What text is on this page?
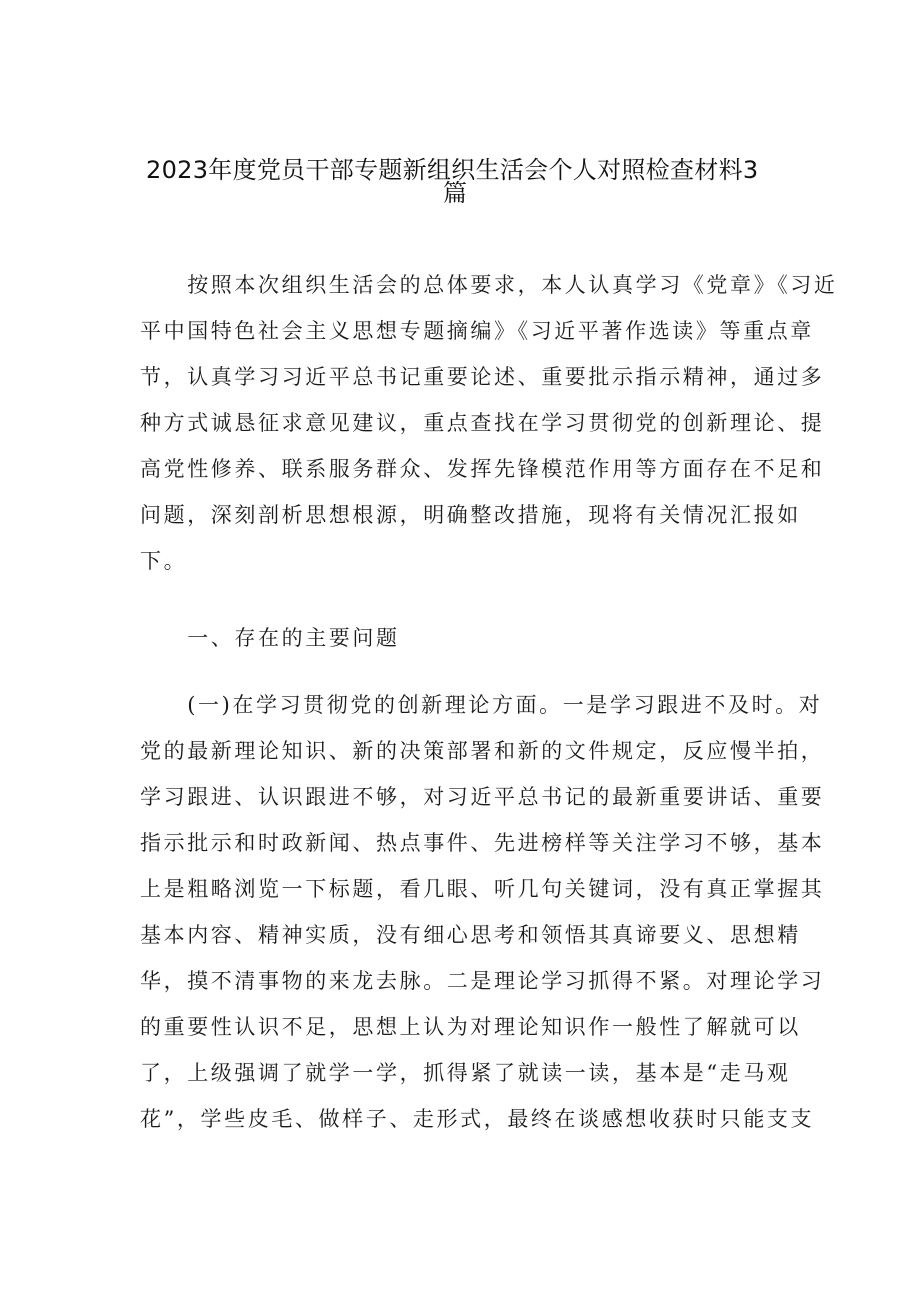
2023年度党员干部专题新组织生活会个人对照检查材料3
篇
　　按照本次组织生活会的总体要求，本人认真学习《党章》《习近
平中国特色社会主义思想专题摘编》《习近平著作选读》等重点章
节，认真学习习近平总书记重要论述、重要批示指示精神，通过多
种方式诚恳征求意见建议，重点查找在学习贯彻党的创新理论、提
高党性修养、联系服务群众、发挥先锋模范作用等方面存在不足和
问题，深刻剖析思想根源，明确整改措施，现将有关情况汇报如
下。
　　一、存在的主要问题
　　(一)在学习贯彻党的创新理论方面。一是学习跟进不及时。对
党的最新理论知识、新的决策部署和新的文件规定，反应慢半拍，
学习跟进、认识跟进不够，对习近平总书记的最新重要讲话、重要
指示批示和时政新闻、热点事件、先进榜样等关注学习不够，基本
上是粗略浏览一下标题，看几眼、听几句关键词，没有真正掌握其
基本内容、精神实质，没有细心思考和领悟其真谛要义、思想精
华，摸不清事物的来龙去脉。二是理论学习抓得不紧。对理论学习
的重要性认识不足，思想上认为对理论知识作一般性了解就可以
了，上级强调了就学一学，抓得紧了就读一读，基本是“走马观
花”，学些皮毛、做样子、走形式，最终在谈感想收获时只能支支
